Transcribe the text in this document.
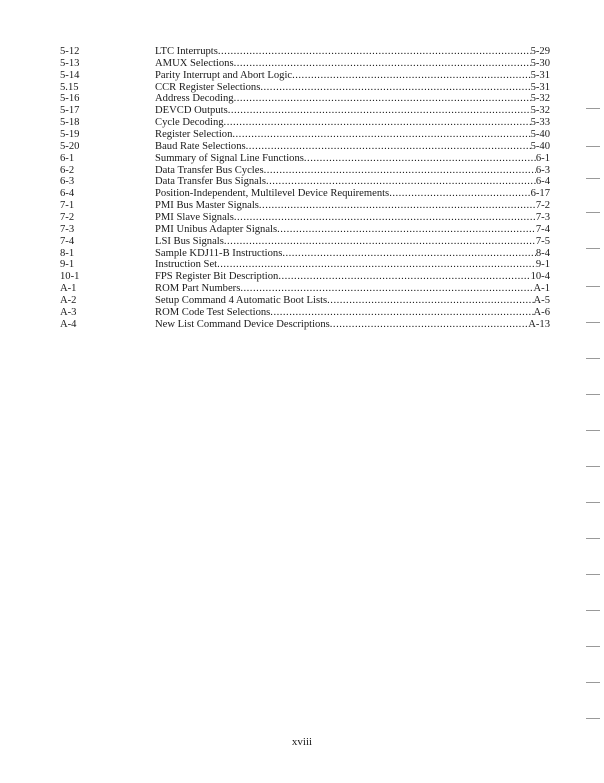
5-12	LTC Interrupts .....	5-29
5-13	AMUX Selections .....	5-30
5-14	Parity Interrupt and Abort Logic .....	5-31
5.15	CCR Register Selections .....	5-31
5-16	Address Decoding .....	5-32
5-17	DEVCD Outputs .....	5-32
5-18	Cycle Decoding .....	5-33
5-19	Register Selection .....	5-40
5-20	Baud Rate Selections .....	5-40
6-1	Summary of Signal Line Functions .....	6-1
6-2	Data Transfer Bus Cycles .....	6-3
6-3	Data Transfer Bus Signals .....	6-4
6-4	Position-Independent, Multilevel Device Requirements .....	6-17
7-1	PMI Bus Master Signals .....	7-2
7-2	PMI Slave Signals .....	7-3
7-3	PMI Unibus Adapter Signals .....	7-4
7-4	LSI Bus Signals .....	7-5
8-1	Sample KDJ11-B Instructions .....	8-4
9-1	Instruction Set .....	9-1
10-1	FPS Register Bit Description .....	10-4
A-1	ROM Part Numbers .....	A-1
A-2	Setup Command 4 Automatic Boot Lists .....	A-5
A-3	ROM Code Test Selections .....	A-6
A-4	New List Command Device Descriptions .....	A-13
xviii
